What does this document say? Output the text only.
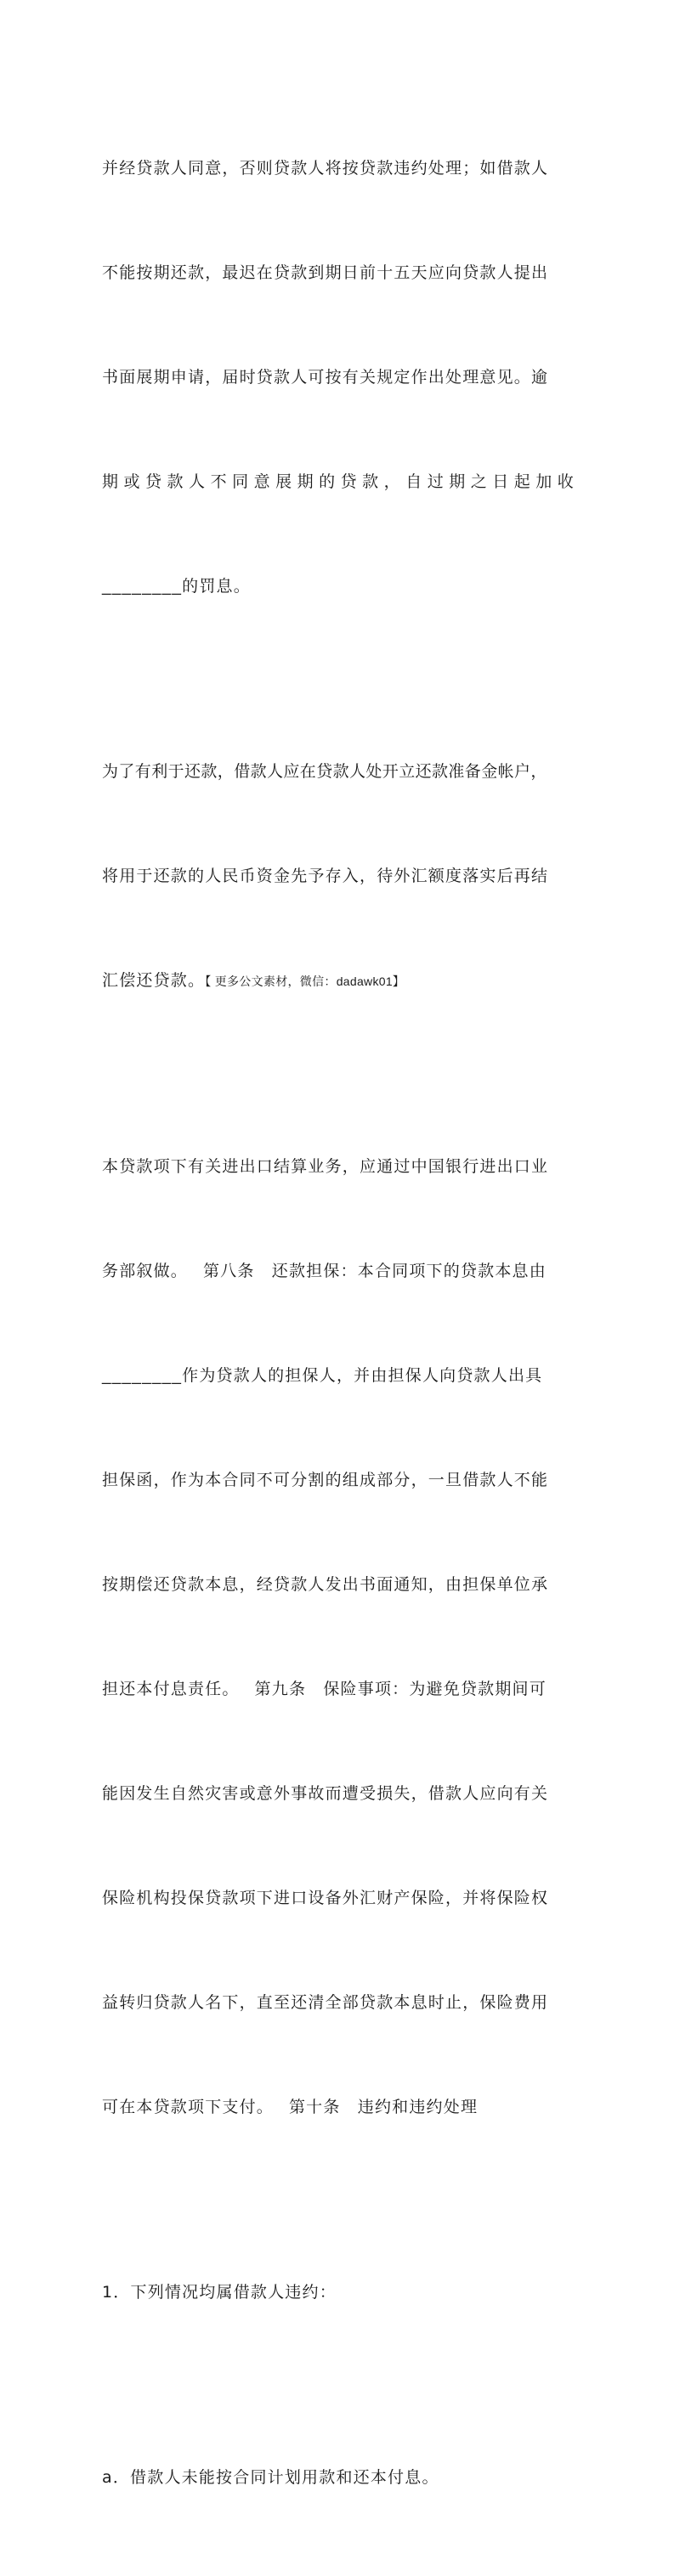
并经贷款人同意，否则贷款人将按贷款违约处理；如借款人

不能按期还款，最迟在贷款到期日前十五天应向贷款人提出

书面展期申请，届时贷款人可按有关规定作出处理意见。逾

期或贷款人不同意展期的贷款，自过期之日起加收

________的罚息。

为了有利于还款，借款人应在贷款人处开立还款准备金帐户，

将用于还款的人民币资金先予存入，待外汇额度落实后再结

汇偿还贷款。【 更多公文素材，微信：dadawk01】

本贷款项下有关进出口结算业务，应通过中国银行进出口业

务部叙做。　 第八条　还款担保：本合同项下的贷款本息由

________作为贷款人的担保人，并由担保人向贷款人出具

担保函，作为本合同不可分割的组成部分，一旦借款人不能

按期偿还贷款本息，经贷款人发出书面通知，由担保单位承

担还本付息责任。　 第九条　保险事项：为避免贷款期间可

能因发生自然灾害或意外事故而遭受损失，借款人应向有关

保险机构投保贷款项下进口设备外汇财产保险，并将保险权

益转归贷款人名下，直至还清全部贷款本息时止，保险费用

可在本贷款项下支付。　 第十条　违约和违约处理

1．下列情况均属借款人违约：

a．借款人未能按合同计划用款和还本付息。
